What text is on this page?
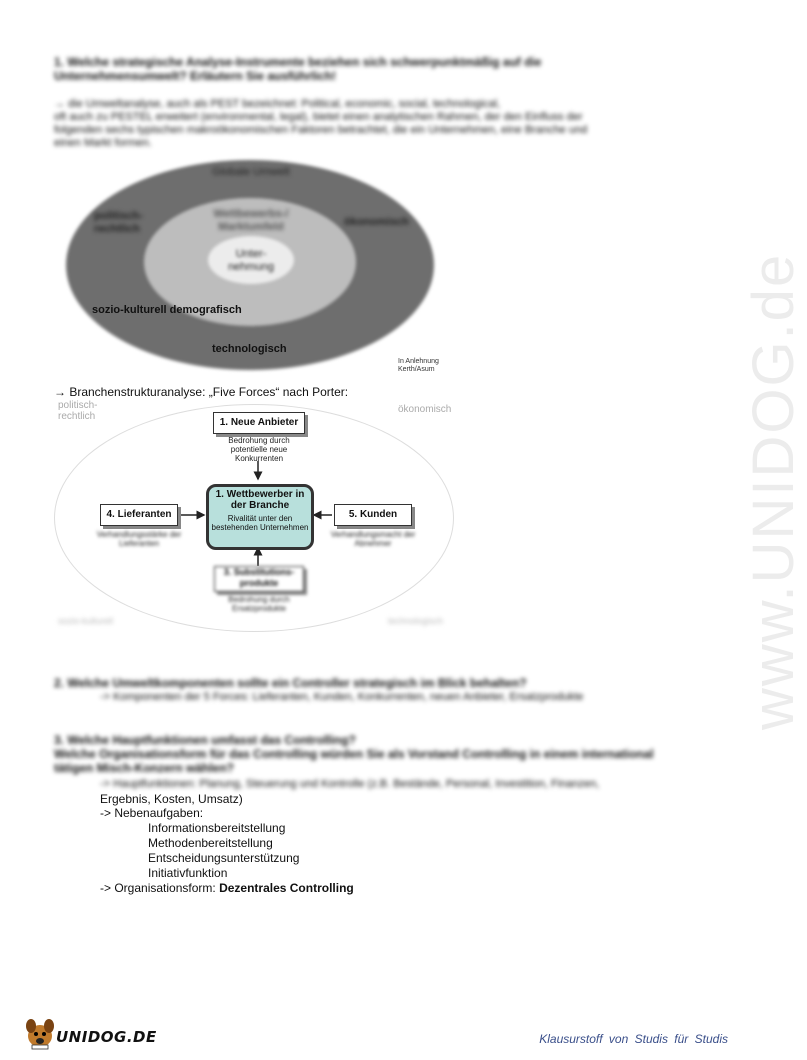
1. Welche strategische Analyse-Instrumente beziehen sich schwerpunktmäßig auf die
Unternehmensumwelt? Erläutern Sie ausführlich!
→ die Umweltanalyse, auch als PEST bezeichnet: Political, economic, social, technological,
oft auch zu PESTEL erweitert (environmental, legal), bietet einen analytischen Rahmen, der den Einfluss der
folgenden sechs typischen makroökonomischen Faktoren betrachtet, die ein Unternehmen, eine Branche und
einen Markt formen.
Globale Umwelt
politisch-rechtlich
ökonomisch
Wettbewerbs-/ Marktumfeld
Unter- nehmung
sozio-kulturell demografisch
technologisch
In Anlehnung Kerth/Asum
→ Branchenstrukturanalyse: „Five Forces“ nach Porter:
politisch-rechtlich
ökonomisch
sozio-kulturell	technologisch
1. Neue Anbieter
Bedrohung durch potentielle neue Konkurrenten
1. Wettbewerber in der Branche
Rivalität unter den bestehenden Unternehmen
4. Lieferanten
Verhandlungsstärke der Lieferanten
5. Kunden
Verhandlungsmacht der Abnehmer
3. Substitutions- produkte
Bedrohung durch Ersatzprodukte
2. Welche Umweltkomponenten sollte ein Controller strategisch im Blick behalten?
-> Komponenten der 5 Forces: Lieferanten, Kunden, Konkurrenten, neuen Anbieter, Ersatzprodukte
3. Welche Hauptfunktionen umfasst das Controlling?
Welche Organisationsform für das Controlling würden Sie als Vorstand Controlling in einem international
tätigen Misch-Konzern wählen?
-> Hauptfunktionen: Planung, Steuerung und Kontrolle (z.B. Bestände, Personal, Investition, Finanzen,
Ergebnis, Kosten, Umsatz)
-> Nebenaufgaben:
Informationsbereitstellung
Methodenbereitstellung
Entscheidungsunterstützung
Initiativfunktion
-> Organisationsform: Dezentrales Controlling
www.UNIDOG.de
UNIDOG.DE	Klausurstoff von Studis für Studis
